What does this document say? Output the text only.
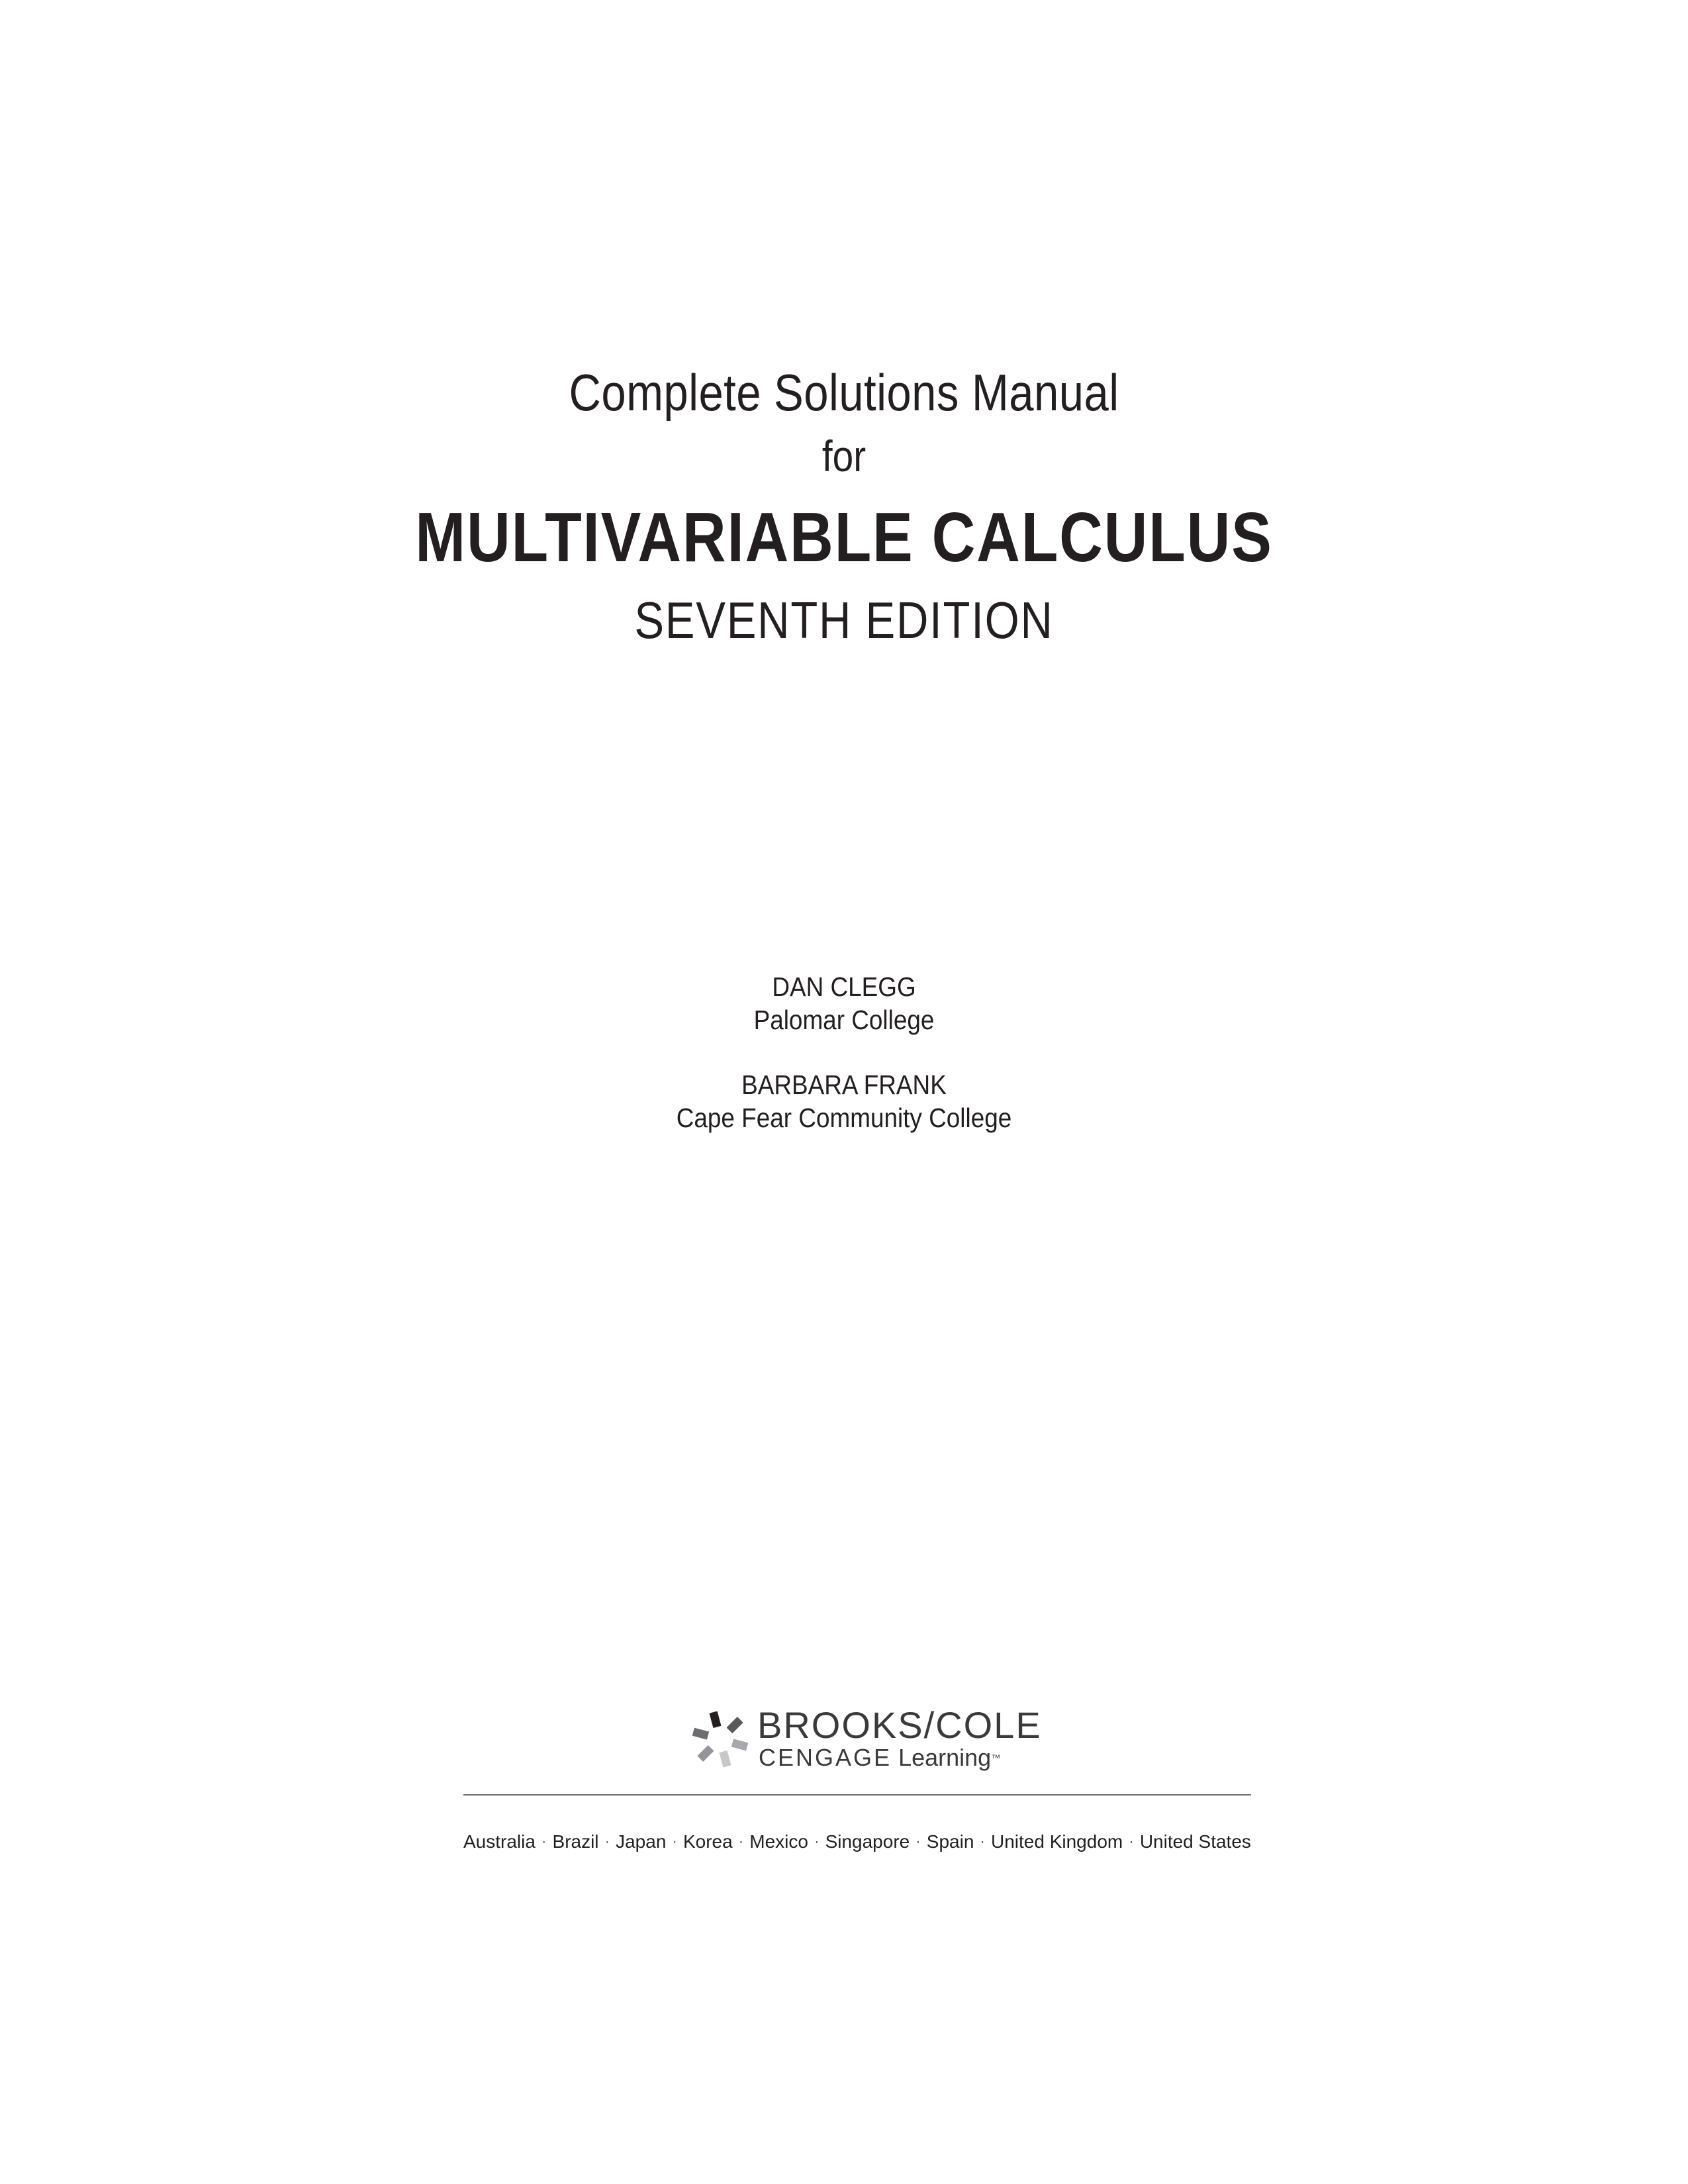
Complete Solutions Manual
for
MULTIVARIABLE CALCULUS
SEVENTH EDITION
DAN CLEGG
Palomar College
BARBARA FRANK
Cape Fear Community College
BROOKS/COLE
CENGAGE Learning™
Australia · Brazil · Japan · Korea · Mexico · Singapore · Spain · United Kingdom · United States
